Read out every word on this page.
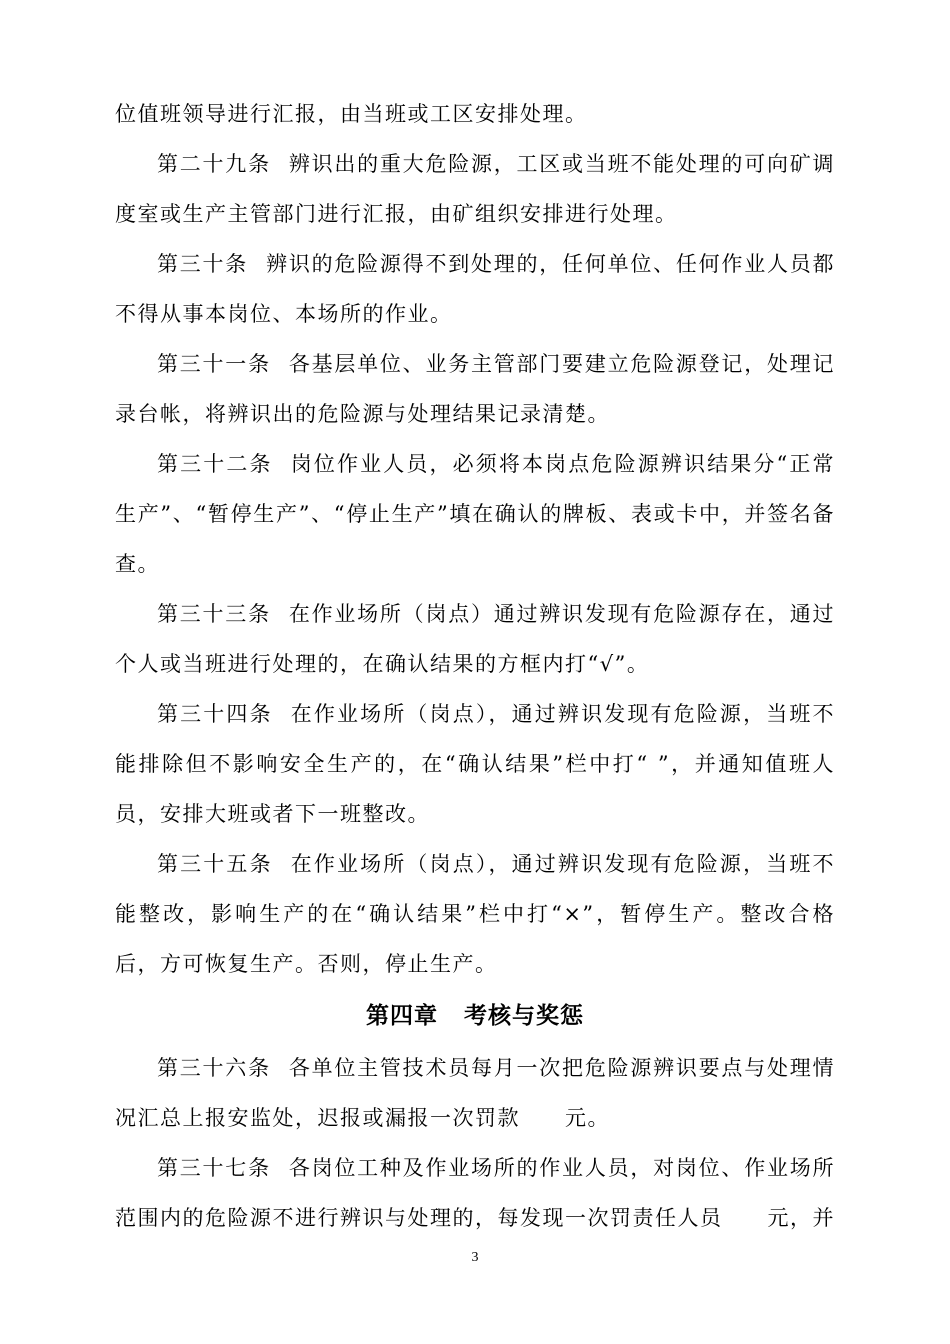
位值班领导进行汇报，由当班或工区安排处理。

第二十九条 辨识出的重大危险源，工区或当班不能处理的可向矿调度室或生产主管部门进行汇报，由矿组织安排进行处理。

第三十条 辨识的危险源得不到处理的，任何单位、任何作业人员都不得从事本岗位、本场所的作业。

第三十一条 各基层单位、业务主管部门要建立危险源登记，处理记录台帐，将辨识出的危险源与处理结果记录清楚。

第三十二条 岗位作业人员，必须将本岗点危险源辨识结果分“正常生产”、“暂停生产”、“停止生产”填在确认的牌板、表或卡中，并签名备查。

第三十三条 在作业场所（岗点）通过辨识发现有危险源存在，通过个人或当班进行处理的，在确认结果的方框内打“√”。

第三十四条 在作业场所（岗点），通过辨识发现有危险源，当班不能排除但不影响安全生产的，在“确认结果”栏中打“ ”，并通知值班人员，安排大班或者下一班整改。

第三十五条 在作业场所（岗点），通过辨识发现有危险源，当班不能整改，影响生产的在“确认结果”栏中打“×”，暂停生产。整改合格后，方可恢复生产。否则，停止生产。

第四章 考核与奖惩

第三十六条 各单位主管技术员每月一次把危险源辨识要点与处理情况汇总上报安监处，迟报或漏报一次罚款　　元。

第三十七条 各岗位工种及作业场所的作业人员，对岗位、作业场所范围内的危险源不进行辨识与处理的，每发现一次罚责任人员　　元，并

3
